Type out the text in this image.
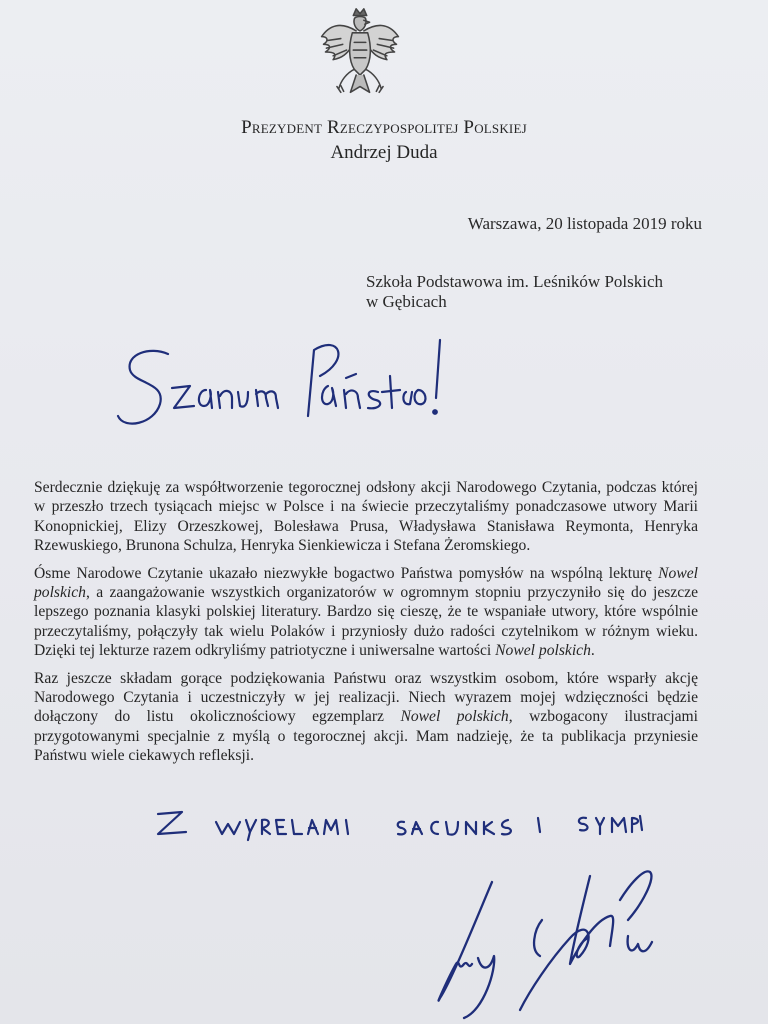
Prezydent Rzeczypospolitej Polskiej
Andrzej Duda
Warszawa, 20 listopada 2019 roku
Szkoła Podstawowa im. Leśników Polskich
w Gębicach

Serdecznie dziękuję za współtworzenie tegorocznej odsłony akcji Narodowego Czytania, podczas której w przeszło trzech tysiącach miejsc w Polsce i na świecie przeczytaliśmy ponadczasowe utwory Marii Konopnickiej, Elizy Orzeszkowej, Bolesława Prusa, Władysława Stanisława Reymonta, Henryka Rzewuskiego, Brunona Schulza, Henryka Sienkiewicza i Stefana Żeromskiego.

Ósme Narodowe Czytanie ukazało niezwykłe bogactwo Państwa pomysłów na wspólną lekturę Nowel polskich, a zaangażowanie wszystkich organizatorów w ogromnym stopniu przyczyniło się do jeszcze lepszego poznania klasyki polskiej literatury. Bardzo się cieszę, że te wspaniałe utwory, które wspólnie przeczytaliśmy, połączyły tak wielu Polaków i przyniosły dużo radości czytelnikom w różnym wieku. Dzięki tej lekturze razem odkryliśmy patriotyczne i uniwersalne wartości Nowel polskich.

Raz jeszcze składam gorące podziękowania Państwu oraz wszystkim osobom, które wsparły akcję Narodowego Czytania i uczestniczyły w jej realizacji. Niech wyrazem mojej wdzięczności będzie dołączony do listu okolicznościowy egzemplarz Nowel polskich, wzbogacony ilustracjami przygotowanymi specjalnie z myślą o tegorocznej akcji. Mam nadzieję, że ta publikacja przyniesie Państwu wiele ciekawych refleksji.
